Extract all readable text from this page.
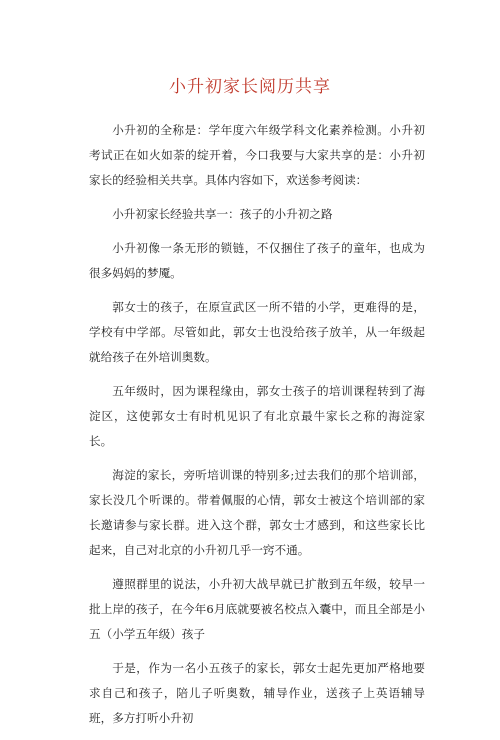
小升初家长阅历共享

小升初的全称是：学年度六年级学科文化素养检测。小升初考试正在如火如荼的绽开着，今口我要与大家共享的是：小升初家长的经验相关共享。具体内容如下，欢送参考阅读：

小升初家长经验共享一：孩子的小升初之路

小升初像一条无形的锁链，不仅捆住了孩子的童年，也成为很多妈妈的梦魇。

郭女士的孩子，在原宣武区一所不错的小学，更难得的是，学校有中学部。尽管如此，郭女士也没给孩子放羊，从一年级起就给孩子在外培训奥数。

五年级时，因为课程缘由，郭女士孩子的培训课程转到了海淀区，这使郭女士有时机见识了有北京最牛家长之称的海淀家长。

海淀的家长，旁听培训课的特别多;过去我们的那个培训部，家长没几个听课的。带着佩服的心情，郭女士被这个培训部的家长邀请参与家长群。进入这个群，郭女士才感到，和这些家长比起来，自己对北京的小升初几乎一窍不通。

遵照群里的说法，小升初大战早就已扩散到五年级，较早一批上岸的孩子，在今年6月底就要被名校点入囊中，而且全部是小五（小学五年级）孩子

于是，作为一名小五孩子的家长，郭女士起先更加严格地要求自己和孩子，陪儿子听奥数，辅导作业，送孩子上英语辅导班，多方打听小升初
